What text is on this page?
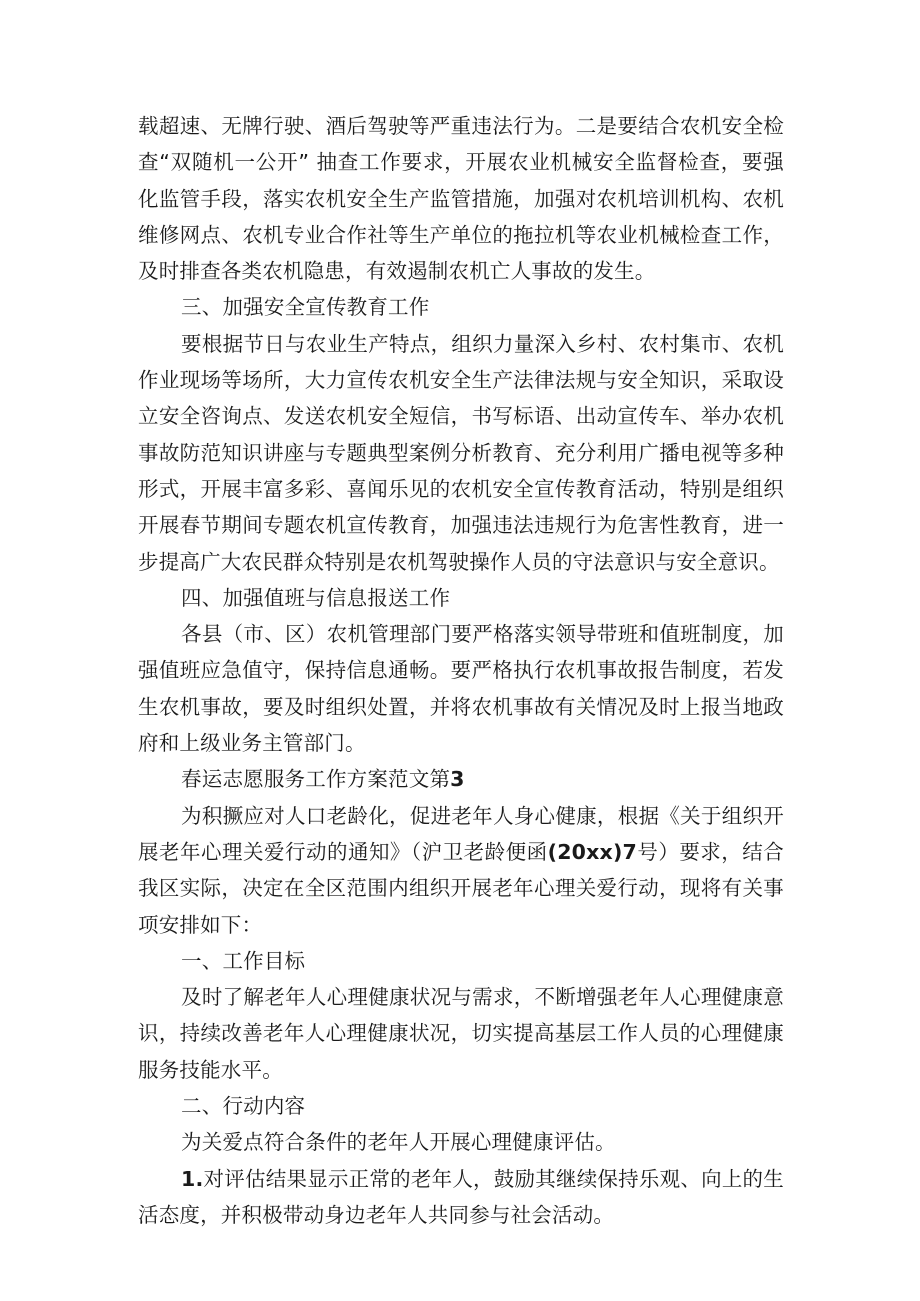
载超速、无牌行驶、酒后驾驶等严重违法行为。二是要结合农机安全检查“双随机一公开” 抽查工作要求，开展农业机械安全监督检查，要强化监管手段，落实农机安全生产监管措施，加强对农机培训机构、农机维修网点、农机专业合作社等生产单位的拖拉机等农业机械检查工作，及时排查各类农机隐患，有效遏制农机亡人事故的发生。

三、加强安全宣传教育工作

要根据节日与农业生产特点，组织力量深入乡村、农村集市、农机作业现场等场所，大力宣传农机安全生产法律法规与安全知识，采取设立安全咨询点、发送农机安全短信，书写标语、出动宣传车、举办农机事故防范知识讲座与专题典型案例分析教育、充分利用广播电视等多种形式，开展丰富多彩、喜闻乐见的农机安全宣传教育活动，特别是组织开展春节期间专题农机宣传教育，加强违法违规行为危害性教育，进一步提高广大农民群众特别是农机驾驶操作人员的守法意识与安全意识。

四、加强值班与信息报送工作

各县（市、区）农机管理部门要严格落实领导带班和值班制度，加强值班应急值守，保持信息通畅。要严格执行农机事故报告制度，若发生农机事故，要及时组织处置，并将农机事故有关情况及时上报当地政府和上级业务主管部门。

春运志愿服务工作方案范文第3

为积撅应对人口老龄化，促进老年人身心健康，根据《关于组织开展老年心理关爱行动的通知》（沪卫老龄便函(20xx)7号）要求，结合我区实际，决定在全区范围内组织开展老年心理关爱行动，现将有关事项安排如下：

一、工作目标

及时了解老年人心理健康状况与需求，不断增强老年人心理健康意识，持续改善老年人心理健康状况，切实提高基层工作人员的心理健康服务技能水平。

二、行动内容

为关爱点符合条件的老年人开展心理健康评估。

1.对评估结果显示正常的老年人，鼓励其继续保持乐观、向上的生活态度，并积极带动身边老年人共同参与社会活动。
